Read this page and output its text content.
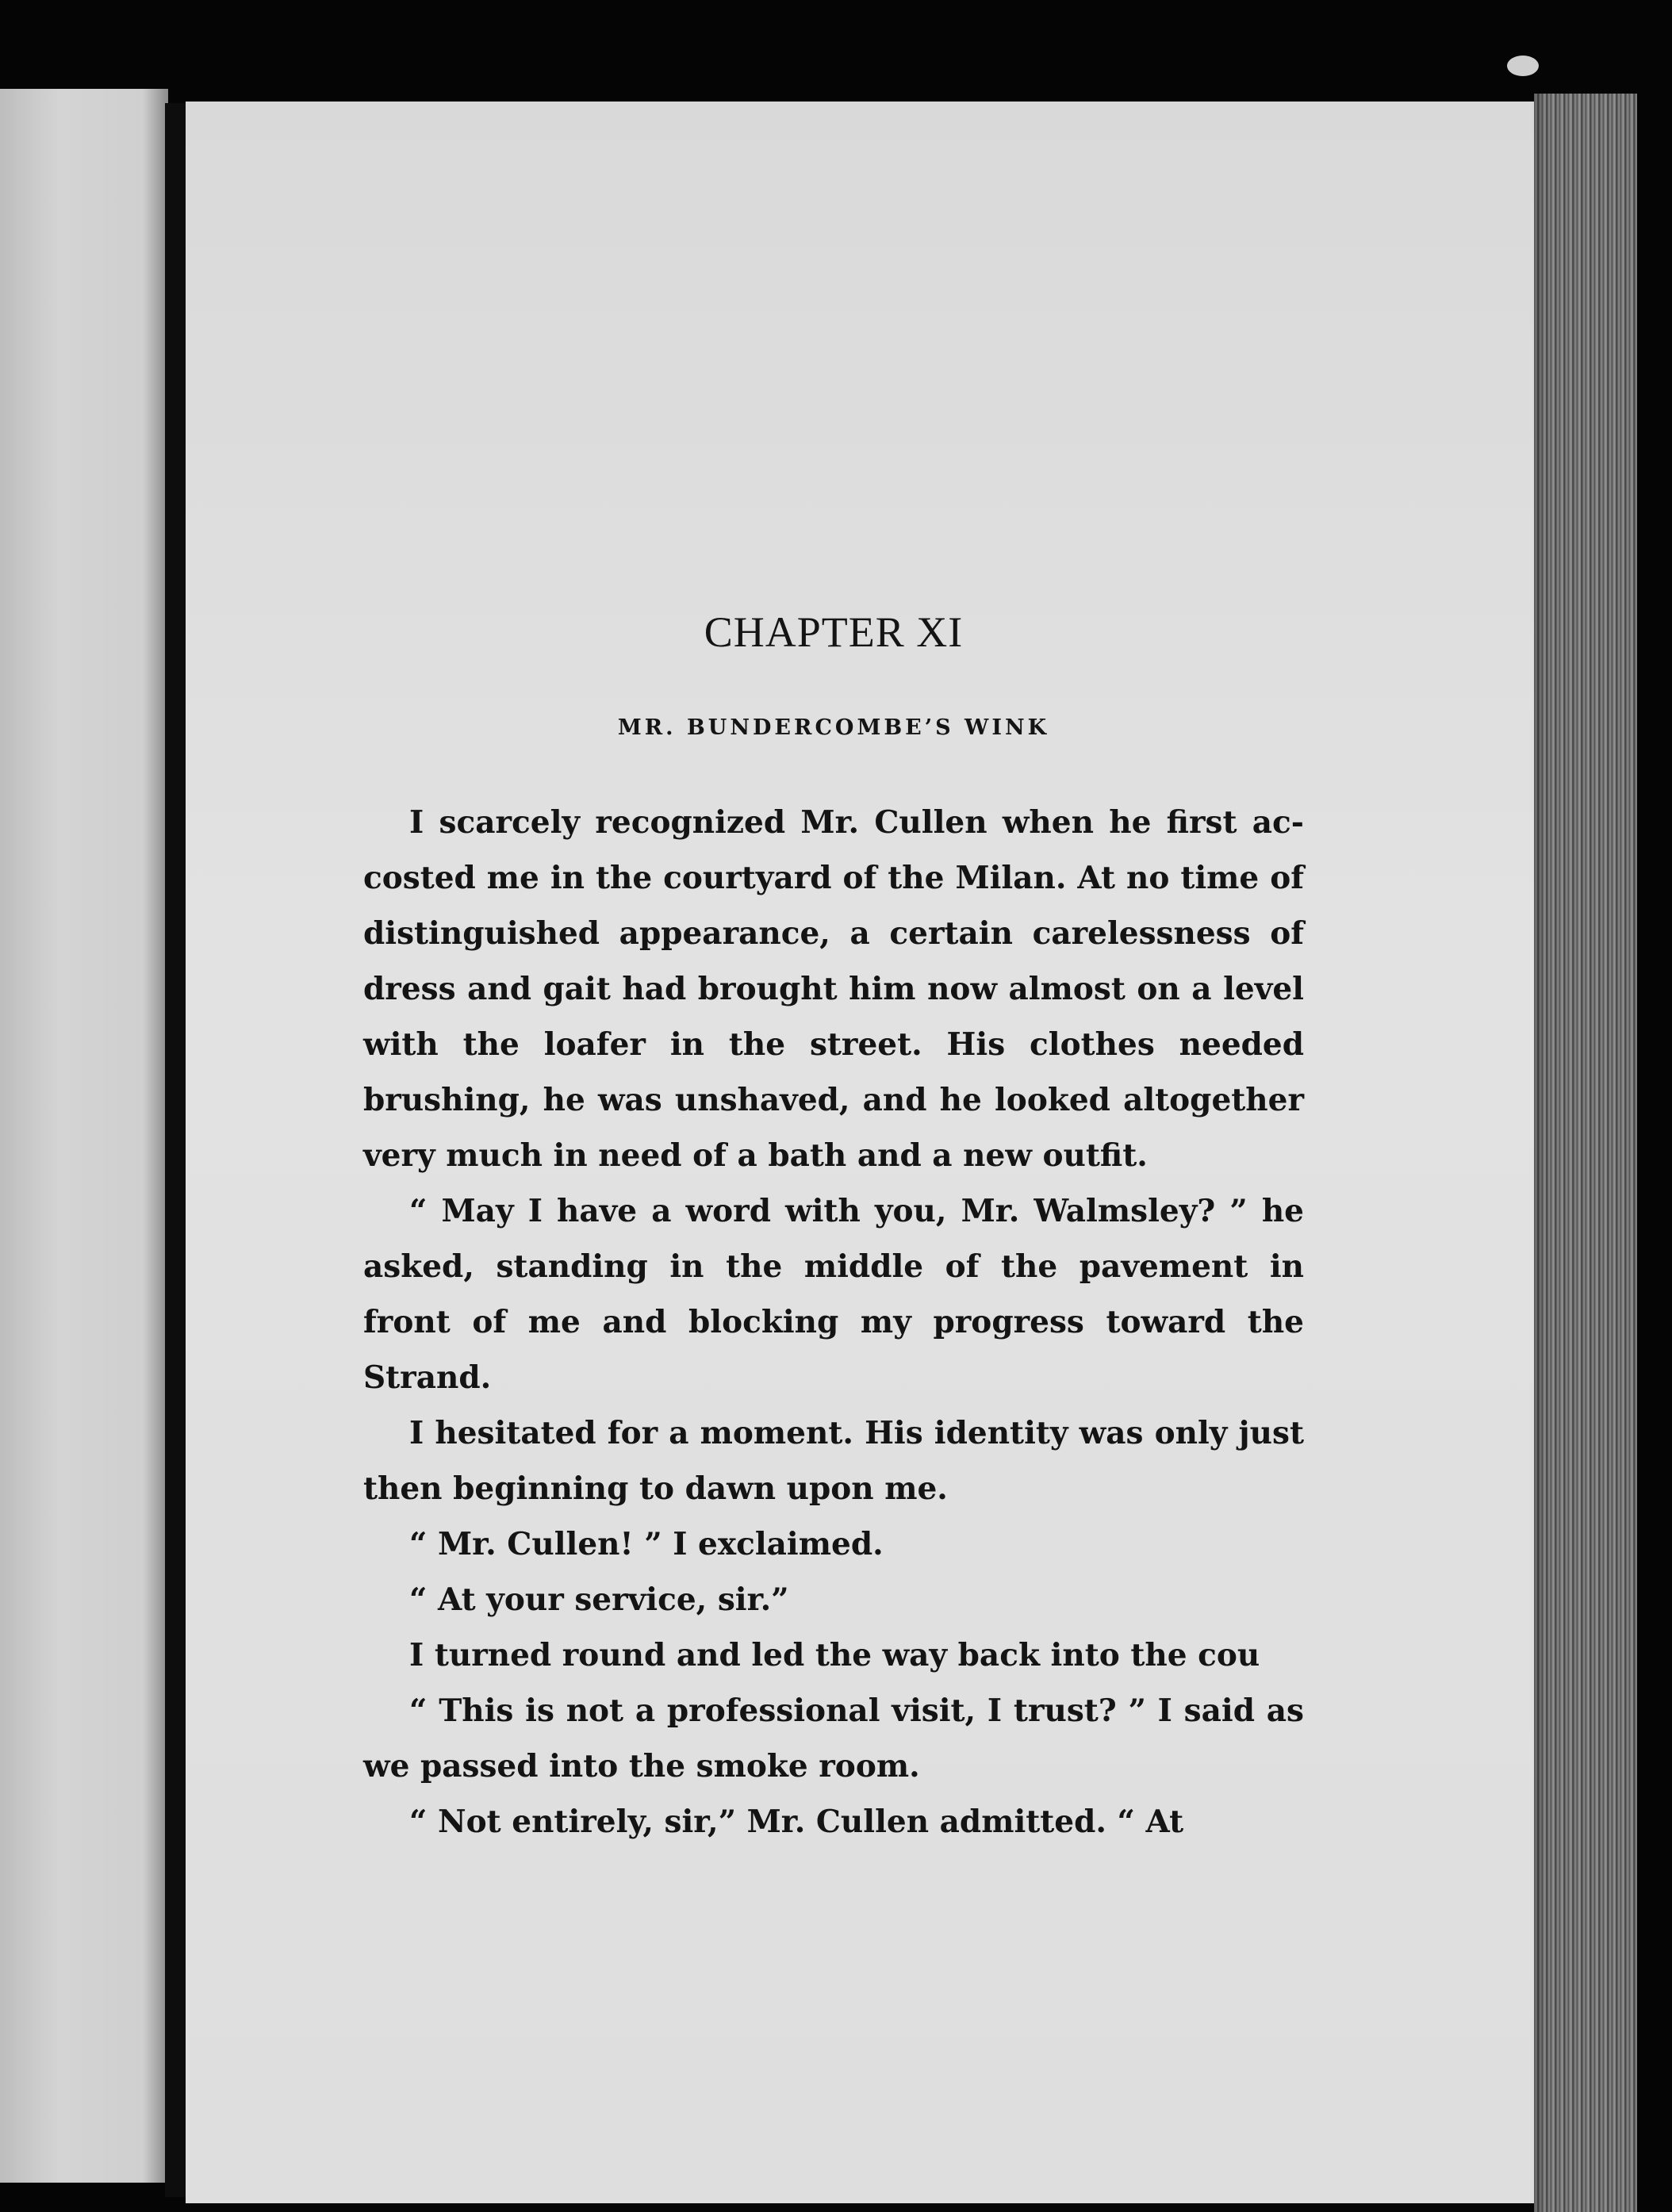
CHAPTER XI
MR. BUNDERCOMBE’S WINK

I scarcely recognized Mr. Cullen when he first ac- costed me in the courtyard of the Milan. At no time of distinguished appearance, a certain carelessness of dress and gait had brought him now almost on a level with the loafer in the street. His clothes needed brushing, he was unshaved, and he looked altogether very much in need of a bath and a new outfit.

“ May I have a word with you, Mr. Walmsley? ” he asked, standing in the middle of the pavement in front of me and blocking my progress toward the Strand.

I hesitated for a moment. His identity was only just then beginning to dawn upon me.

“ Mr. Cullen! ” I exclaimed.

“ At your service, sir.”

I turned round and led the way back into the cou

“ This is not a professional visit, I trust? ” I said as we passed into the smoke room.

“ Not entirely, sir,” Mr. Cullen admitted. “ At
